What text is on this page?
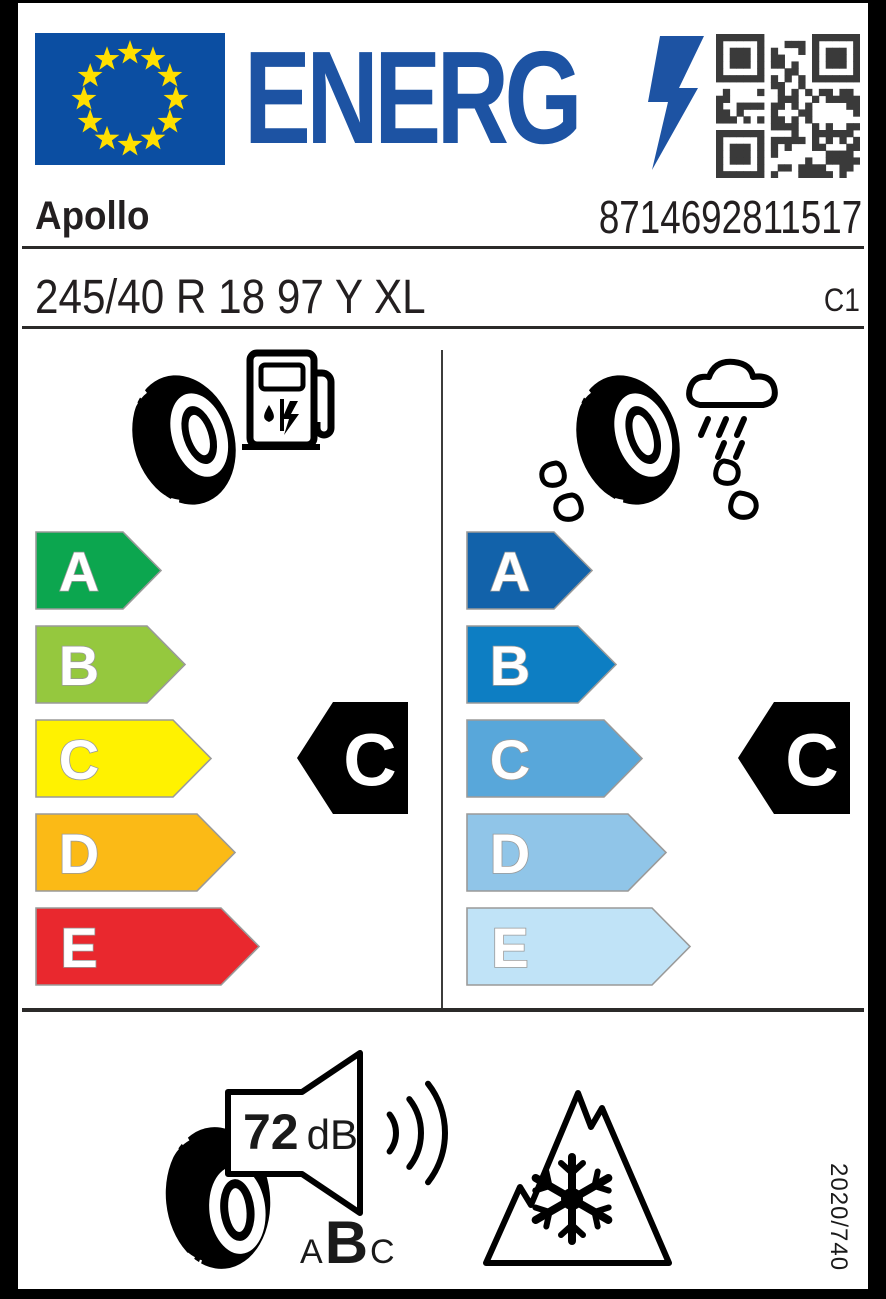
ENERG
Apollo	8714692811517
245/40 R 18 97 Y XL	C1
A
B
C
D
E
A
B
C
D
E
C	C
72 dB
ABC	2020/740
